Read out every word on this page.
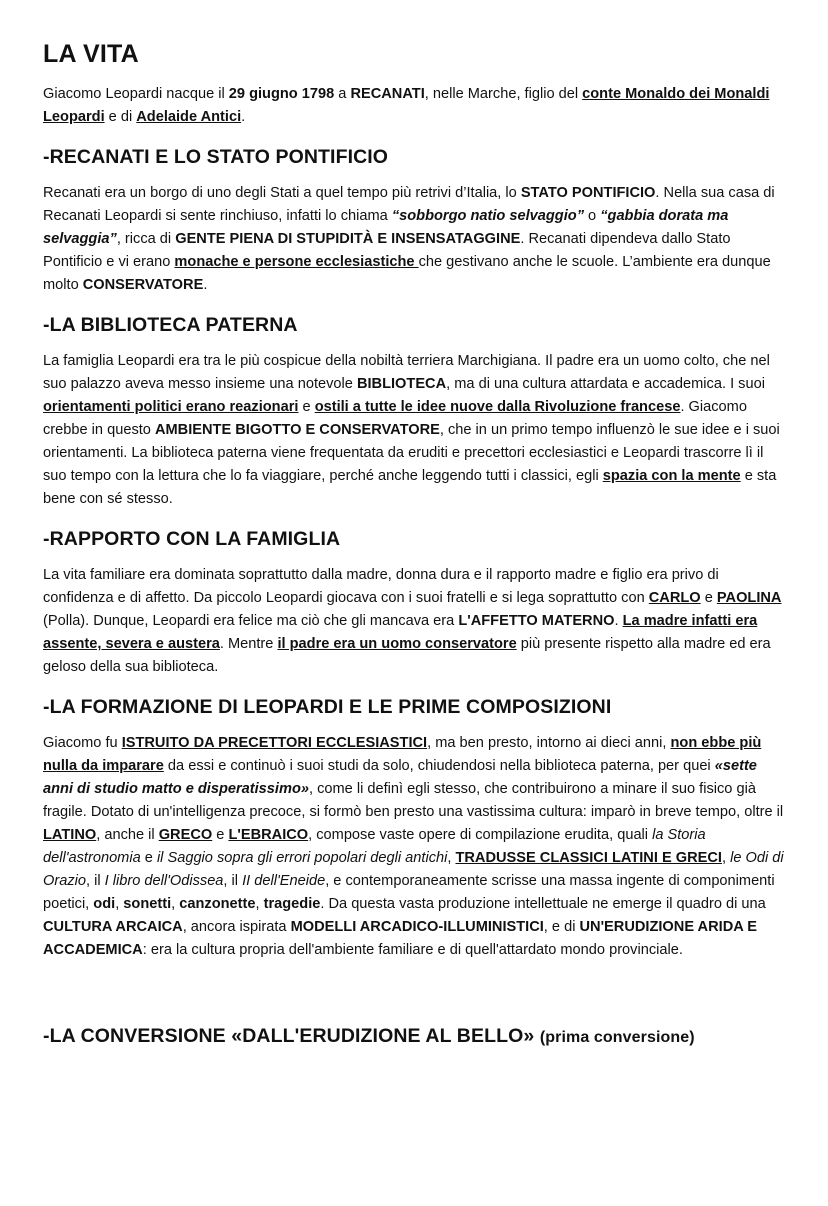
LA VITA

Giacomo Leopardi nacque il 29 giugno 1798 a RECANATI, nelle Marche, figlio del conte Monaldo dei Monaldi Leopardi e di Adelaide Antici.

-RECANATI E LO STATO PONTIFICIO

Recanati era un borgo di uno degli Stati a quel tempo più retrivi d’Italia, lo STATO PONTIFICIO. Nella sua casa di Recanati Leopardi si sente rinchiuso, infatti lo chiama “sobborgo natio selvaggio” o “gabbia dorata ma selvaggia”, ricca di GENTE PIENA DI STUPIDITÀ E INSENSATAGGINE. Recanati dipendeva dallo Stato Pontificio e vi erano monache e persone ecclesiastiche che gestivano anche le scuole. L’ambiente era dunque molto CONSERVATORE.

-LA BIBLIOTECA PATERNA

La famiglia Leopardi era tra le più cospicue della nobiltà terriera Marchigiana. Il padre era un uomo colto, che nel suo palazzo aveva messo insieme una notevole BIBLIOTECA, ma di una cultura attardata e accademica. I suoi orientamenti politici erano reazionari e ostili a tutte le idee nuove dalla Rivoluzione francese. Giacomo crebbe in questo AMBIENTE BIGOTTO E CONSERVATORE, che in un primo tempo influenzò le sue idee e i suoi orientamenti. La biblioteca paterna viene frequentata da eruditi e precettori ecclesiastici e Leopardi trascorre lì il suo tempo con la lettura che lo fa viaggiare, perché anche leggendo tutti i classici, egli spazia con la mente e sta bene con sé stesso.

-RAPPORTO CON LA FAMIGLIA

La vita familiare era dominata soprattutto dalla madre, donna dura e il rapporto madre e figlio era privo di confidenza e di affetto. Da piccolo Leopardi giocava con i suoi fratelli e si lega soprattutto con CARLO e PAOLINA (Polla). Dunque, Leopardi era felice ma ciò che gli mancava era L'AFFETTO MATERNO. La madre infatti era assente, severa e austera. Mentre il padre era un uomo conservatore più presente rispetto alla madre ed era geloso della sua biblioteca.

-LA FORMAZIONE DI LEOPARDI E LE PRIME COMPOSIZIONI

Giacomo fu ISTRUITO DA PRECETTORI ECCLESIASTICI, ma ben presto, intorno ai dieci anni, non ebbe più nulla da imparare da essi e continuò i suoi studi da solo, chiudendosi nella biblioteca paterna, per quei «sette anni di studio matto e disperatissimo», come li definì egli stesso, che contribuirono a minare il suo fisico già fragile. Dotato di un'intelligenza precoce, si formò ben presto una vastissima cultura: imparò in breve tempo, oltre il LATINO, anche il GRECO e L'EBRAICO, compose vaste opere di compilazione erudita, quali la Storia dell'astronomia e il Saggio sopra gli errori popolari degli antichi, TRADUSSE CLASSICI LATINI E GRECI, le Odi di Orazio, il I libro dell'Odissea, il II dell'Eneide, e contemporaneamente scrisse una massa ingente di componimenti poetici, odi, sonetti, canzonette, tragedie. Da questa vasta produzione intellettuale ne emerge il quadro di una CULTURA ARCAICA, ancora ispirata MODELLI ARCADICO-ILLUMINISTICI, e di UN'ERUDIZIONE ARIDA E ACCADEMICA: era la cultura propria dell'ambiente familiare e di quell'attardato mondo provinciale.

-LA CONVERSIONE «DALL'ERUDIZIONE AL BELLO» (prima conversione)
